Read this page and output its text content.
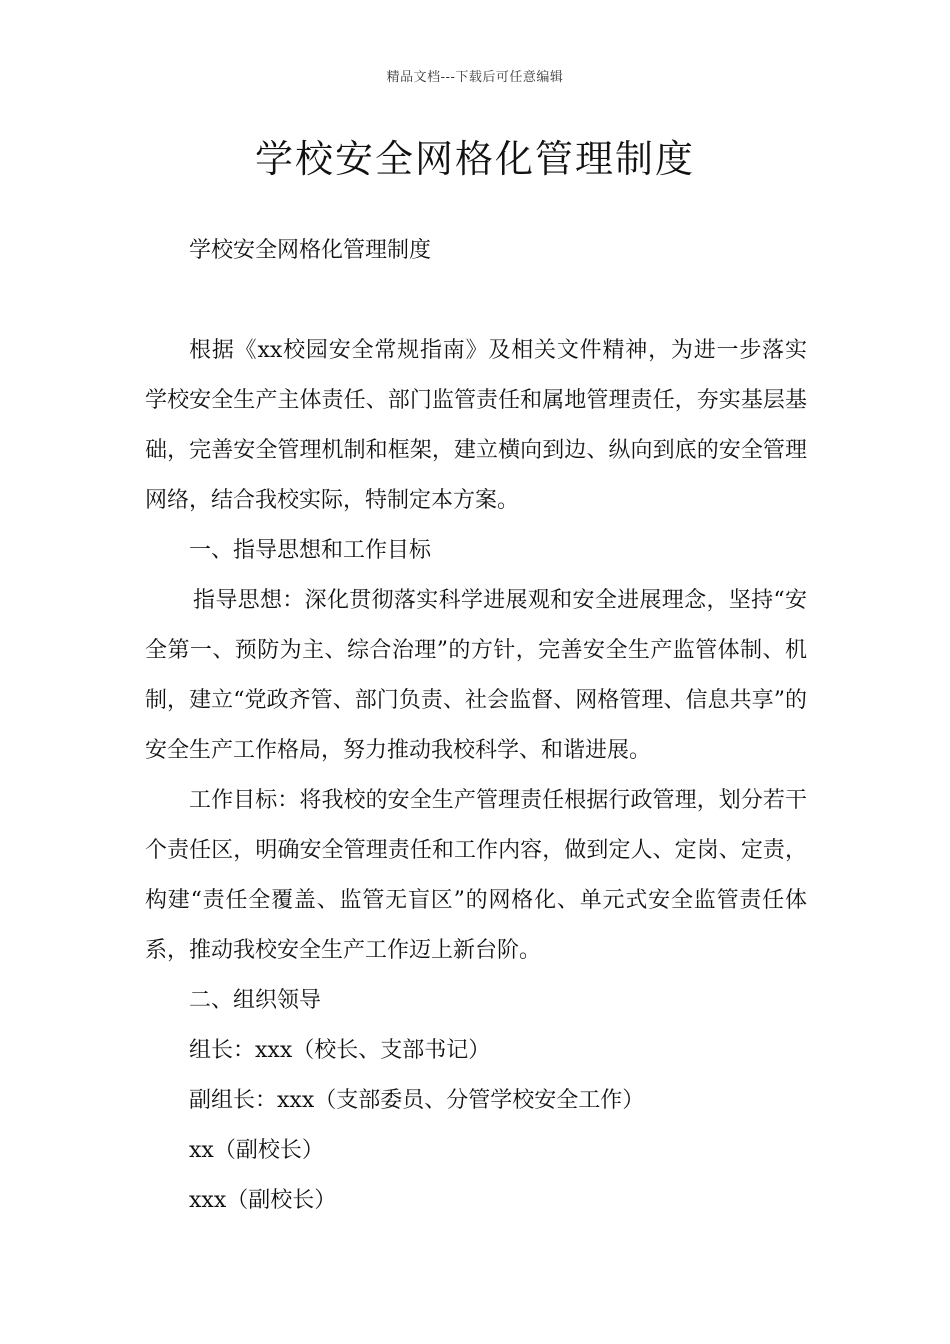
精品文档---下载后可任意编辑
学校安全网格化管理制度
学校安全网格化管理制度

根据《xx校园安全常规指南》及相关文件精神，为进一步落实学校安全生产主体责任、部门监管责任和属地管理责任，夯实基层基础，完善安全管理机制和框架，建立横向到边、纵向到底的安全管理网络，结合我校实际，特制定本方案。

一、指导思想和工作目标

指导思想：深化贯彻落实科学进展观和安全进展理念，坚持“安全第一、预防为主、综合治理”的方针，完善安全生产监管体制、机制，建立“党政齐管、部门负责、社会监督、网格管理、信息共享”的安全生产工作格局，努力推动我校科学、和谐进展。

工作目标：将我校的安全生产管理责任根据行政管理，划分若干个责任区，明确安全管理责任和工作内容，做到定人、定岗、定责，构建“责任全覆盖、监管无盲区”的网格化、单元式安全监管责任体系，推动我校安全生产工作迈上新台阶。

二、组织领导

组长：xxx（校长、支部书记）

副组长：xxx（支部委员、分管学校安全工作）

xx（副校长）

xxx（副校长）
